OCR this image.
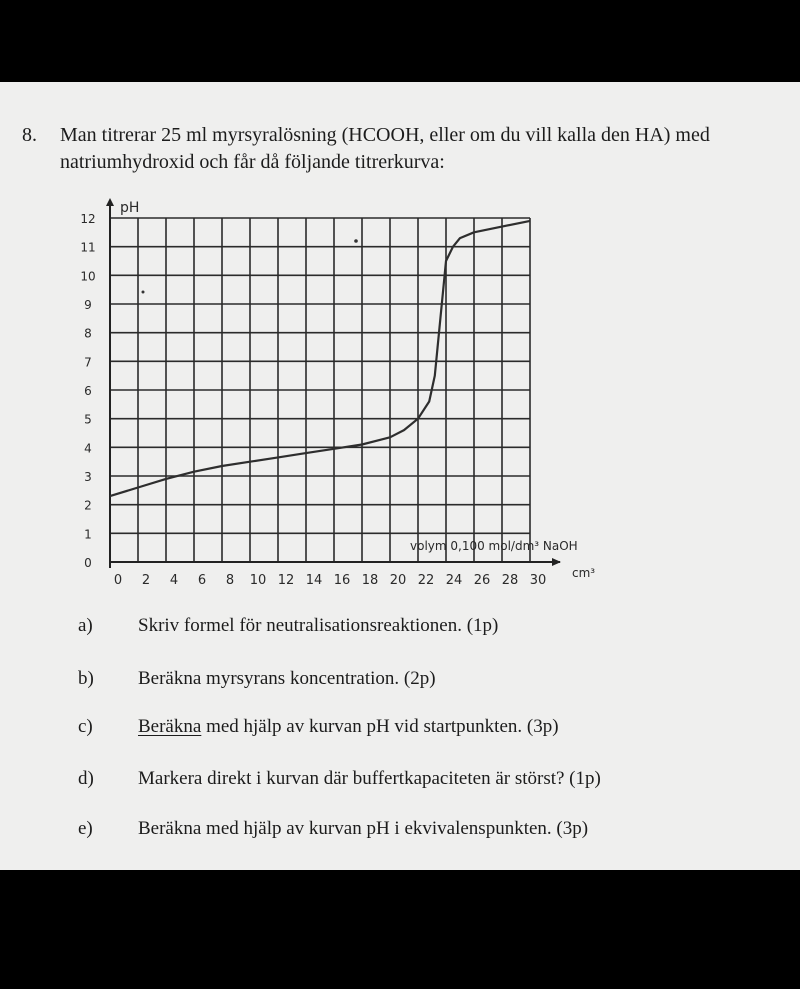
8. Man titrerar 25 ml myrsyralösning (HCOOH, eller om du vill kalla den HA) med natriumhydroxid och får då följande titrerkurva:
0
1
2
3
4
5
6
7
8
9
10
11
12
0 2 4 6 8 10 12 14 16 18 20 22 24 26 28 30
pH
volym 0,100 mol/dm³ NaOH
cm³
a) Skriv formel för neutralisationsreaktionen. (1p)
b) Beräkna myrsyrans koncentration. (2p)
c) Beräkna med hjälp av kurvan pH vid startpunkten. (3p)
d) Markera direkt i kurvan där buffertkapaciteten är störst? (1p)
e) Beräkna med hjälp av kurvan pH i ekvivalenspunkten. (3p)
